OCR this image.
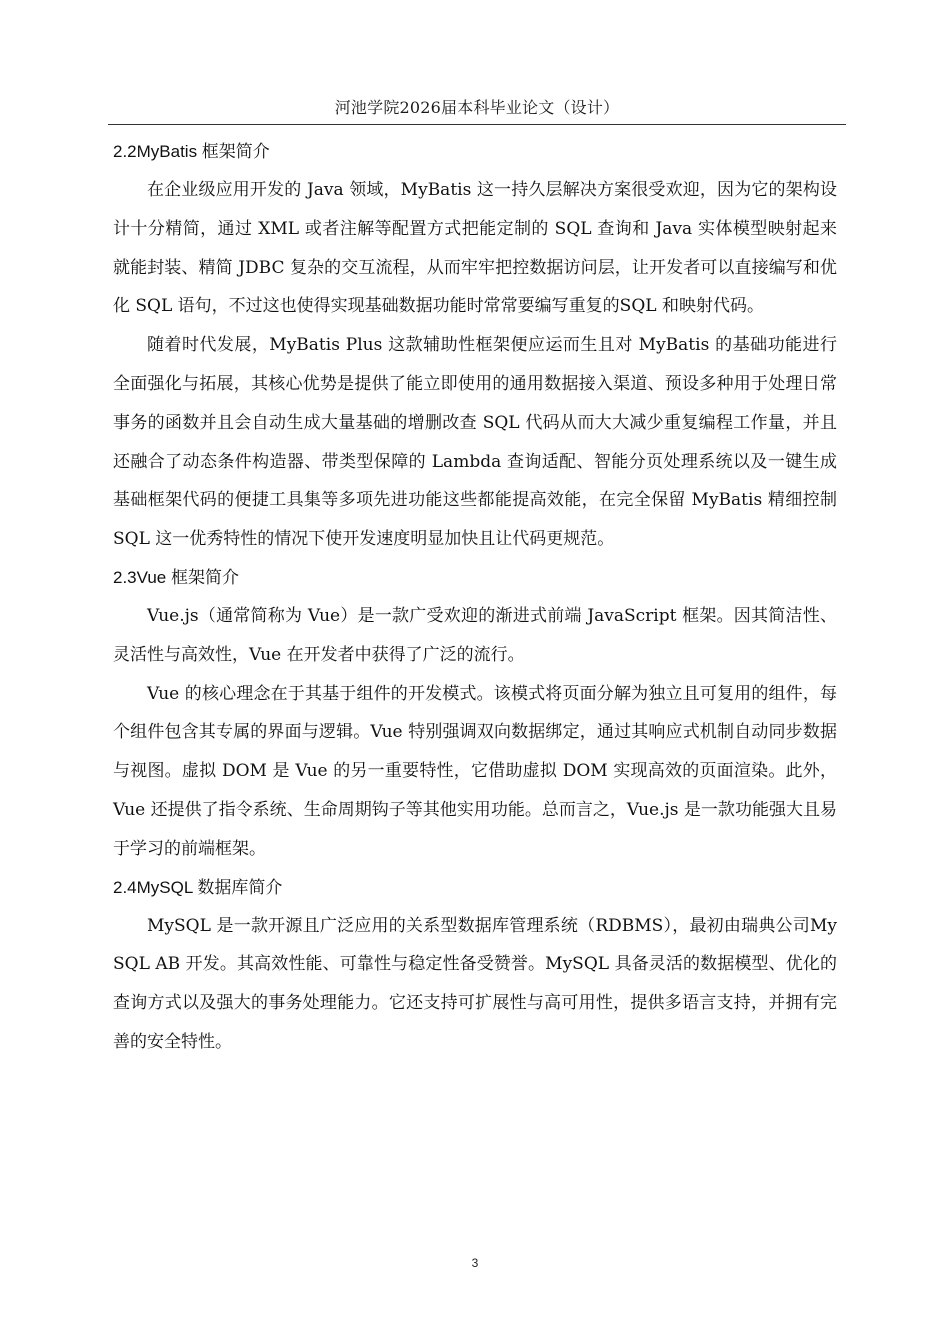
河池学院2026届本科毕业论文（设计）
2.2MyBatis 框架简介

在企业级应用开发的 Java 领域，MyBatis 这一持久层解决方案很受欢迎，因为它的架构设计十分精简，通过 XML 或者注解等配置方式把能定制的 SQL 查询和 Java 实体模型映射起来就能封装、精简 JDBC 复杂的交互流程，从而牢牢把控数据访问层，让开发者可以直接编写和优化 SQL 语句，不过这也使得实现基础数据功能时常常要编写重复的SQL 和映射代码。

随着时代发展，MyBatis Plus 这款辅助性框架便应运而生且对 MyBatis 的基础功能进行全面强化与拓展，其核心优势是提供了能立即使用的通用数据接入渠道、预设多种用于处理日常事务的函数并且会自动生成大量基础的增删改查 SQL 代码从而大大减少重复编程工作量，并且还融合了动态条件构造器、带类型保障的 Lambda 查询适配、智能分页处理系统以及一键生成基础框架代码的便捷工具集等多项先进功能这些都能提高效能，在完全保留 MyBatis 精细控制 SQL 这一优秀特性的情况下使开发速度明显加快且让代码更规范。

2.3Vue 框架简介

Vue.js（通常简称为 Vue）是一款广受欢迎的渐进式前端 JavaScript 框架。因其简洁性、灵活性与高效性，Vue 在开发者中获得了广泛的流行。

Vue 的核心理念在于其基于组件的开发模式。该模式将页面分解为独立且可复用的组件，每个组件包含其专属的界面与逻辑。Vue 特别强调双向数据绑定，通过其响应式机制自动同步数据与视图。虚拟 DOM 是 Vue 的另一重要特性，它借助虚拟 DOM 实现高效的页面渲染。此外，Vue 还提供了指令系统、生命周期钩子等其他实用功能。总而言之，Vue.js 是一款功能强大且易于学习的前端框架。

2.4MySQL 数据库简介

MySQL 是一款开源且广泛应用的关系型数据库管理系统（RDBMS），最初由瑞典公司MySQL AB 开发。其高效性能、可靠性与稳定性备受赞誉。MySQL 具备灵活的数据模型、优化的查询方式以及强大的事务处理能力。它还支持可扩展性与高可用性，提供多语言支持，并拥有完善的安全特性。

3
